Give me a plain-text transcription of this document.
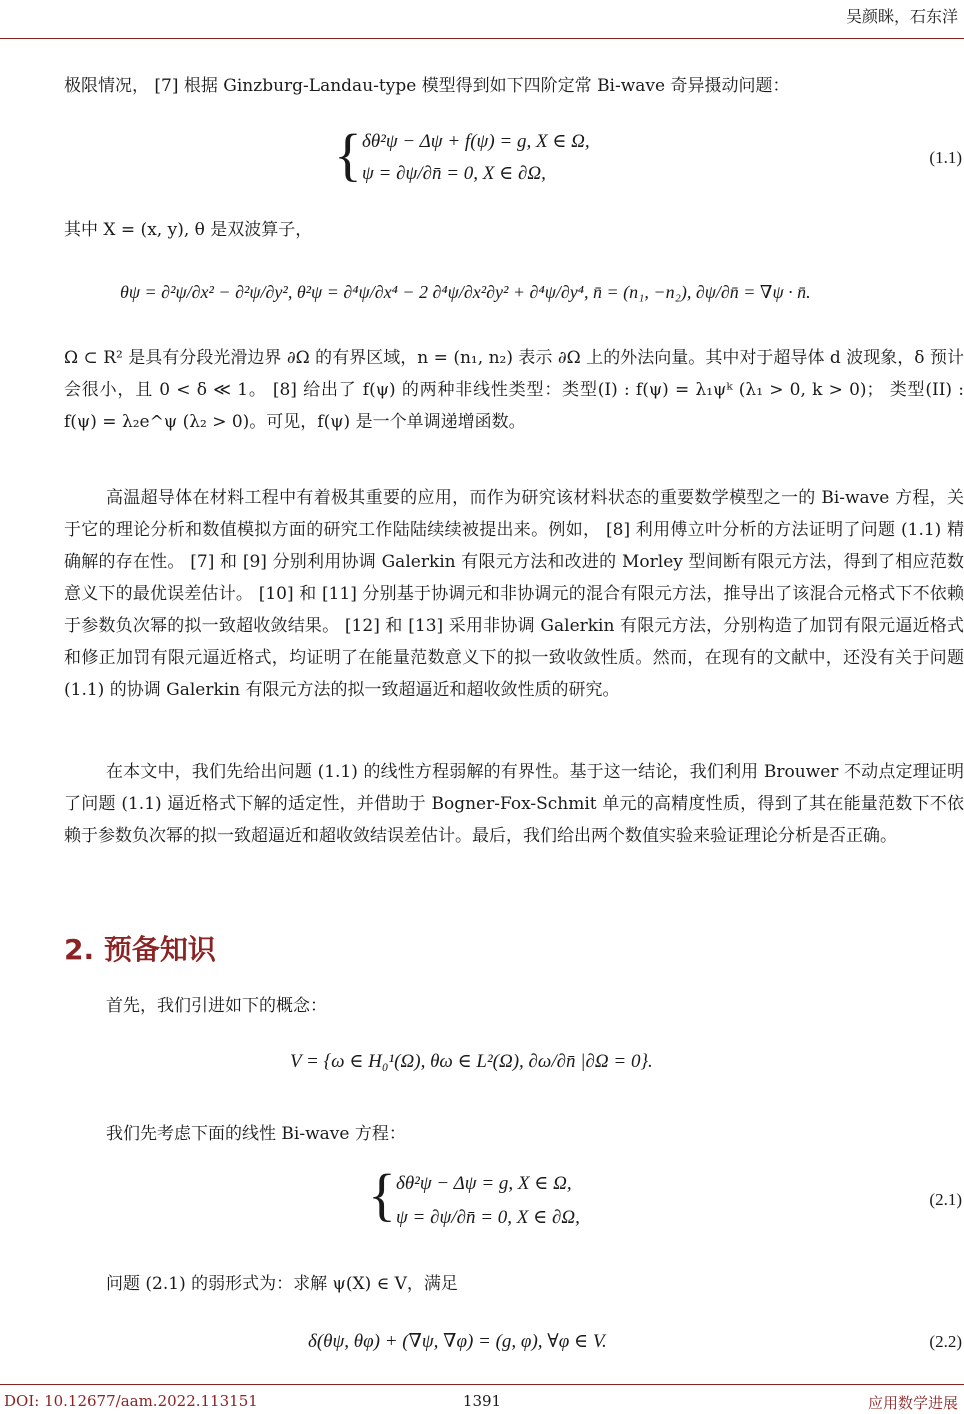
吴颜眯，石东洋
极限情况， [7] 根据 Ginzburg-Landau-type 模型得到如下四阶定常 Bi-wave 奇异摄动问题：
{ δθ²ψ − Δψ + f(ψ) = g, X ∈ Ω,
ψ = ∂ψ/∂n̄ = 0, X ∈ ∂Ω,
(1.1)
其中 X = (x, y), θ 是双波算子，
θψ = ∂²ψ/∂x² − ∂²ψ/∂y², θ²ψ = ∂⁴ψ/∂x⁴ − 2 ∂⁴ψ/∂x²∂y² + ∂⁴ψ/∂y⁴, n̄ = (n₁, −n₂), ∂ψ/∂n̄ = ∇ψ · n̄.
Ω ⊂ R² 是具有分段光滑边界 ∂Ω 的有界区域，n = (n₁, n₂) 表示 ∂Ω 上的外法向量。其中对于超导体 d 波现象，δ 预计会很小，且 0 < δ ≪ 1。 [8] 给出了 f(ψ) 的两种非线性类型：类型(I) : f(ψ) = λ₁ψᵏ (λ₁ > 0, k > 0)； 类型(II) : f(ψ) = λ₂e^ψ (λ₂ > 0)。可见，f(ψ) 是一个单调递增函数。
高温超导体在材料工程中有着极其重要的应用，而作为研究该材料状态的重要数学模型之一的 Bi-wave 方程，关于它的理论分析和数值模拟方面的研究工作陆陆续续被提出来。例如， [8] 利用傅立叶分析的方法证明了问题 (1.1) 精确解的存在性。 [7] 和 [9] 分别利用协调 Galerkin 有限元方法和改进的 Morley 型间断有限元方法，得到了相应范数意义下的最优误差估计。 [10] 和 [11] 分别基于协调元和非协调元的混合有限元方法，推导出了该混合元格式下不依赖于参数负次幂的拟一致超收敛结果。 [12] 和 [13] 采用非协调 Galerkin 有限元方法，分别构造了加罚有限元逼近格式和修正加罚有限元逼近格式，均证明了在能量范数意义下的拟一致收敛性质。然而，在现有的文献中，还没有关于问题(1.1) 的协调 Galerkin 有限元方法的拟一致超逼近和超收敛性质的研究。
在本文中，我们先给出问题 (1.1) 的线性方程弱解的有界性。基于这一结论，我们利用 Brouwer 不动点定理证明了问题 (1.1) 逼近格式下解的适定性，并借助于 Bogner-Fox-Schmit 单元的高精度性质，得到了其在能量范数下不依赖于参数负次幂的拟一致超逼近和超收敛结误差估计。最后，我们给出两个数值实验来验证理论分析是否正确。
2. 预备知识
首先，我们引进如下的概念：
V = {ω ∈ H₀¹(Ω), θω ∈ L²(Ω), ∂ω/∂n̄ |∂Ω = 0}.
我们先考虑下面的线性 Bi-wave 方程：
{ δθ²ψ − Δψ = g, X ∈ Ω,
ψ = ∂ψ/∂n̄ = 0, X ∈ ∂Ω,
(2.1)
问题 (2.1) 的弱形式为：求解 ψ(X) ∈ V，满足
δ(θψ, θφ) + (∇ψ, ∇φ) = (g, φ), ∀φ ∈ V.	(2.2)
DOI: 10.12677/aam.2022.113151	1391	应用数学进展
